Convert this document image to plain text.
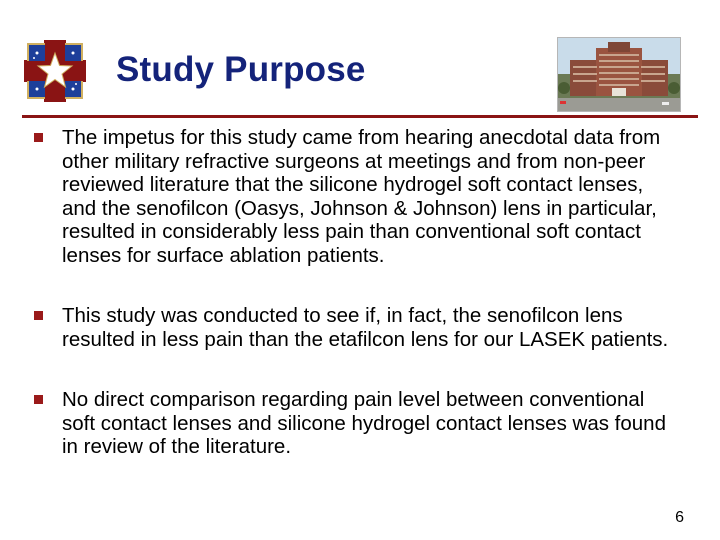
Study Purpose
The impetus for this study came from hearing anecdotal data from other military refractive surgeons at meetings and from non-peer reviewed literature that the silicone hydrogel soft contact lenses, and the senofilcon (Oasys, Johnson & Johnson) lens in particular, resulted in considerably less pain than conventional soft contact lenses for surface ablation patients.
This study was conducted to see if, in fact, the senofilcon lens resulted in less pain than the etafilcon lens for our LASEK patients.
No direct comparison regarding pain level between conventional soft contact lenses and silicone hydrogel contact lenses was found in review of the literature.
6
